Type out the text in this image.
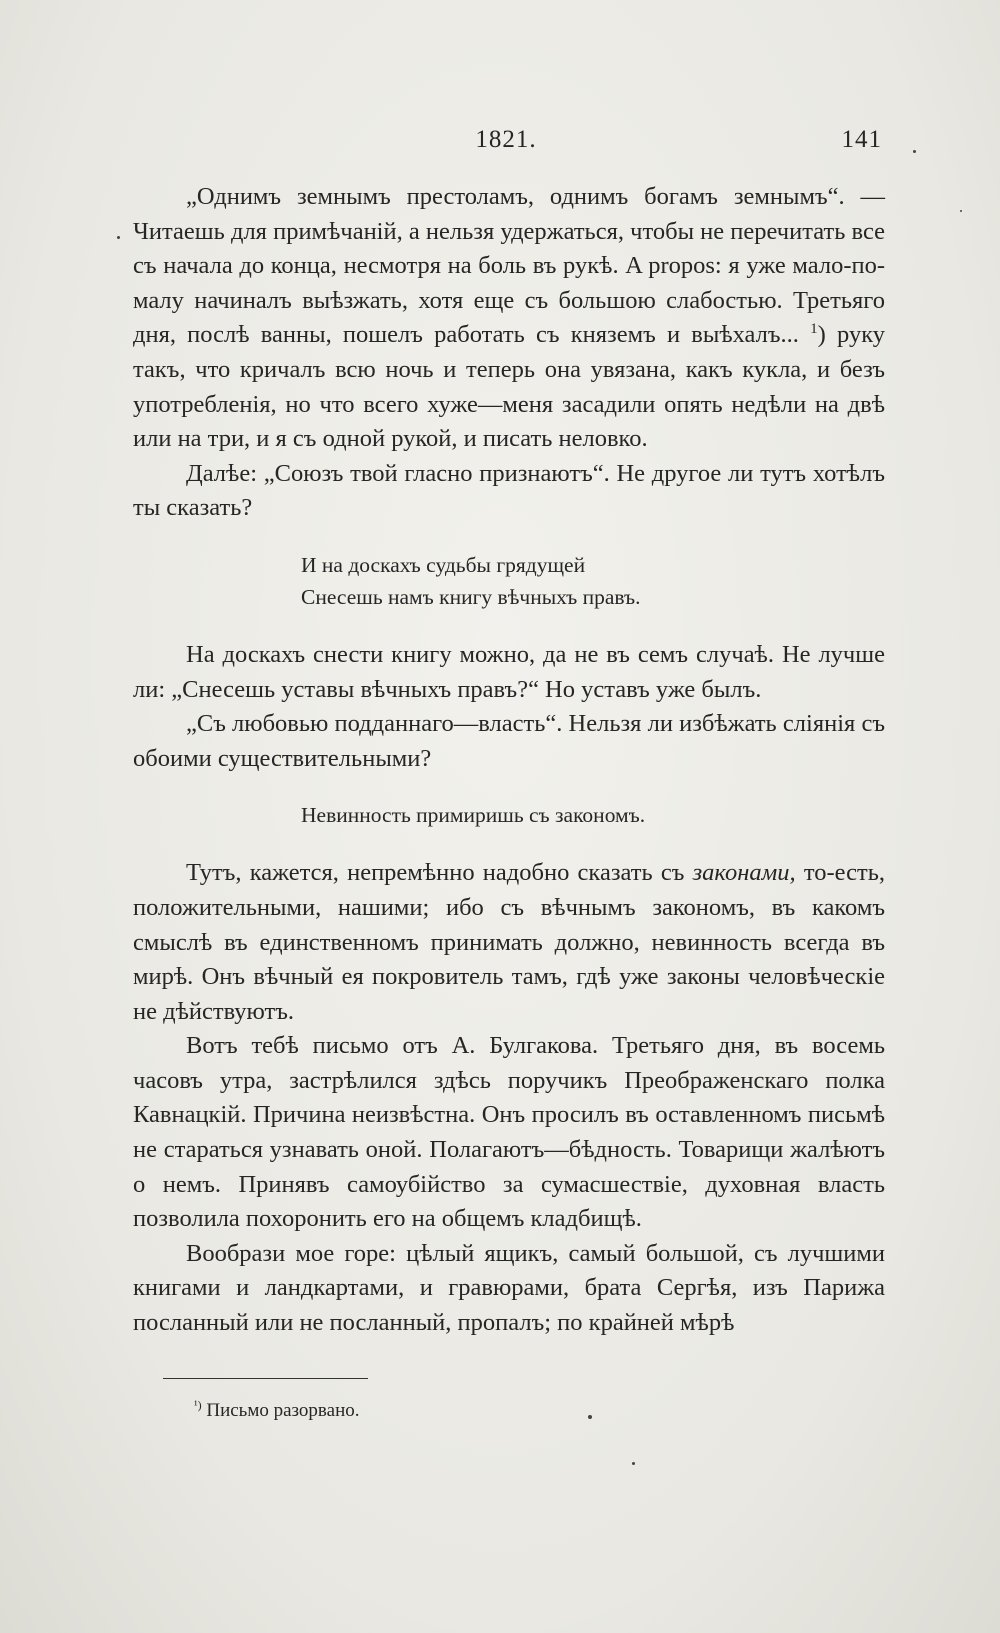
1821.	141

„Однимъ земнымъ престоламъ, однимъ богамъ земнымъ“. — Читаешь для примѣчаній, а нельзя удержаться, чтобы не перечитать все съ начала до конца, несмотря на боль въ рукѣ. A propos: я уже мало-по-малу начиналъ выѣзжать, хотя еще съ большою слабостью. Третьяго дня, послѣ ванны, пошелъ работать съ княземъ и выѣхалъ... $^1$) руку такъ, что кричалъ всю ночь и теперь она увязана, какъ кукла, и безъ употребленія, но что всего хуже—меня засадили опять недѣли на двѣ или на три, и я съ одной рукой, и писать неловко.

Далѣе: „Союзъ твой гласно признаютъ“. Не другое ли тутъ хотѣлъ ты сказать?

И на доскахъ судьбы грядущей
Снесешь намъ книгу вѣчныхъ правъ.

На доскахъ снести книгу можно, да не въ семъ случаѣ. Не лучше ли: „Снесешь уставы вѣчныхъ правъ?“ Но уставъ уже былъ.

„Съ любовью подданнаго—власть“. Нельзя ли избѣжать слiянія съ обоими существительными?

Невинность примиришь съ закономъ.

Тутъ, кажется, непремѣнно надобно сказать съ законами, то-есть, положительными, нашими; ибо съ вѣчнымъ закономъ, въ какомъ смыслѣ въ единственномъ принимать должно, невинность всегда въ мирѣ. Онъ вѣчный ея покровитель тамъ, гдѣ уже законы человѣческіе не дѣйствуютъ.

Вотъ тебѣ письмо отъ А. Булгакова. Третьяго дня, въ восемь часовъ утра, застрѣлился здѣсь поручикъ Преображенскаго полка Кавнацкій. Причина неизвѣстна. Онъ просилъ въ оставленномъ письмѣ не стараться узнавать оной. Полагаютъ—бѣдность. Товарищи жалѣютъ о немъ. Принявъ самоубійство за сумасшествіе, духовная власть позволила похоронить его на общемъ кладбищѣ.

Вообрази мое горе: цѣлый ящикъ, самый большой, съ лучшими книгами и ландкартами, и гравюрами, брата Сергѣя, изъ Парижа посланный или не посланный, пропалъ; по крайней мѣрѣ

$^{^1)}$ Письмо разорвано.
